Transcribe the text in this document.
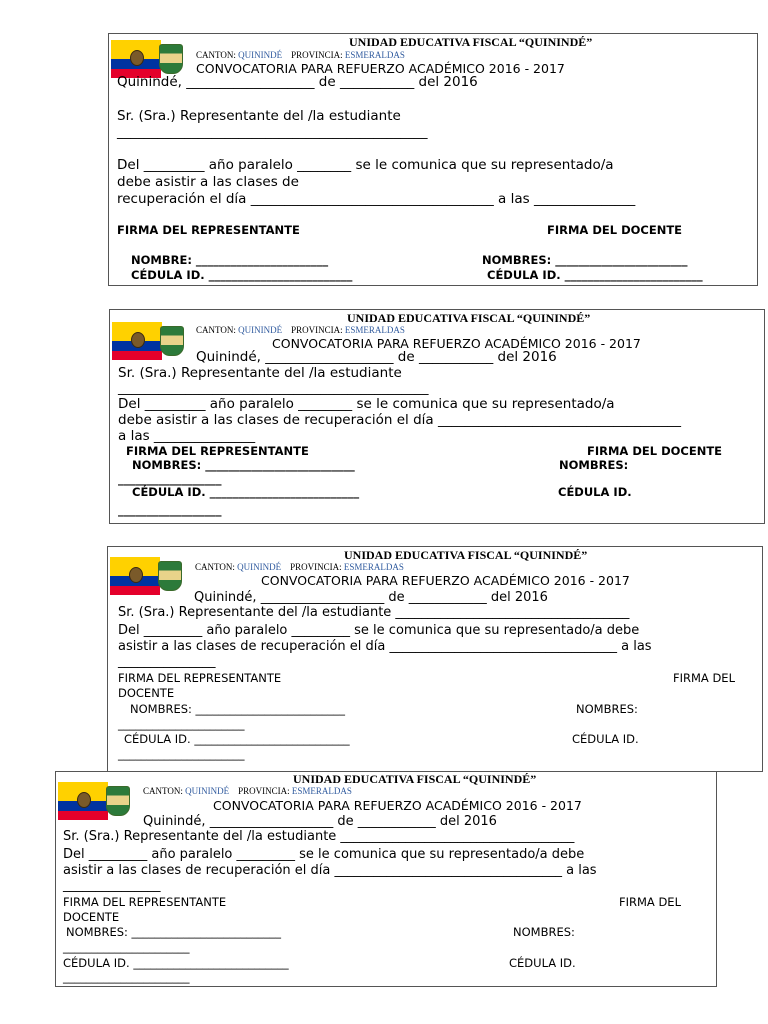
UNIDAD EDUCATIVA FISCAL “QUININDÉ”
CANTON: QUININDÉ PROVINCIA: ESMERALDAS
CONVOCATORIA PARA REFUERZO ACADÉMICO 2016 - 2017
Quinindé, ___________________ de ___________ del 2016
Sr. (Sra.) Representante del /la estudiante
______________________________________________
Del _________ año paralelo ________ se le comunica que su representado/a
debe asistir a las clases de
recuperación el día ____________________________________ a las _______________
FIRMA DEL REPRESENTANTE	FIRMA DEL DOCENTE
NOMBRE: _______________________
CÉDULA ID. _________________________
NOMBRES: _______________________
CÉDULA ID. ________________________
UNIDAD EDUCATIVA FISCAL “QUININDÉ”
CANTON: QUININDÉ PROVINCIA: ESMERALDAS
CONVOCATORIA PARA REFUERZO ACADÉMICO 2016 - 2017
Quinindé, ___________________ de ___________ del 2016
Sr. (Sra.) Representante del /la estudiante
______________________________________________
Del _________ año paralelo ________ se le comunica que su representado/a
debe asistir a las clases de recuperación el día ____________________________________
a las _______________
FIRMA DEL REPRESENTANTE	FIRMA DEL DOCENTE
NOMBRES: __________________________	NOMBRES:
__________________
CÉDULA ID. __________________________	CÉDULA ID.
__________________
UNIDAD EDUCATIVA FISCAL “QUININDÉ”
CANTON: QUININDÉ PROVINCIA: ESMERALDAS
CONVOCATORIA PARA REFUERZO ACADÉMICO 2016 - 2017
Quinindé, ___________________ de ____________ del 2016
Sr. (Sra.) Representante del /la estudiante ____________________________________
Del _________ año paralelo _________ se le comunica que su representado/a debe
asistir a las clases de recuperación el día ___________________________________ a las
_______________
FIRMA DEL REPRESENTANTE	FIRMA DEL
DOCENTE
NOMBRES: __________________________	NOMBRES:
______________________
CÉDULA ID. ___________________________	CÉDULA ID.
______________________
UNIDAD EDUCATIVA FISCAL “QUININDÉ”
CANTON: QUININDÉ PROVINCIA: ESMERALDAS
CONVOCATORIA PARA REFUERZO ACADÉMICO 2016 - 2017
Quinindé, ___________________ de ____________ del 2016
Sr. (Sra.) Representante del /la estudiante ____________________________________
Del _________ año paralelo _________ se le comunica que su representado/a debe
asistir a las clases de recuperación el día ___________________________________ a las
_______________
FIRMA DEL REPRESENTANTE	FIRMA DEL
DOCENTE
NOMBRES: __________________________	NOMBRES:
______________________
CÉDULA ID. ___________________________	CÉDULA ID.
______________________
